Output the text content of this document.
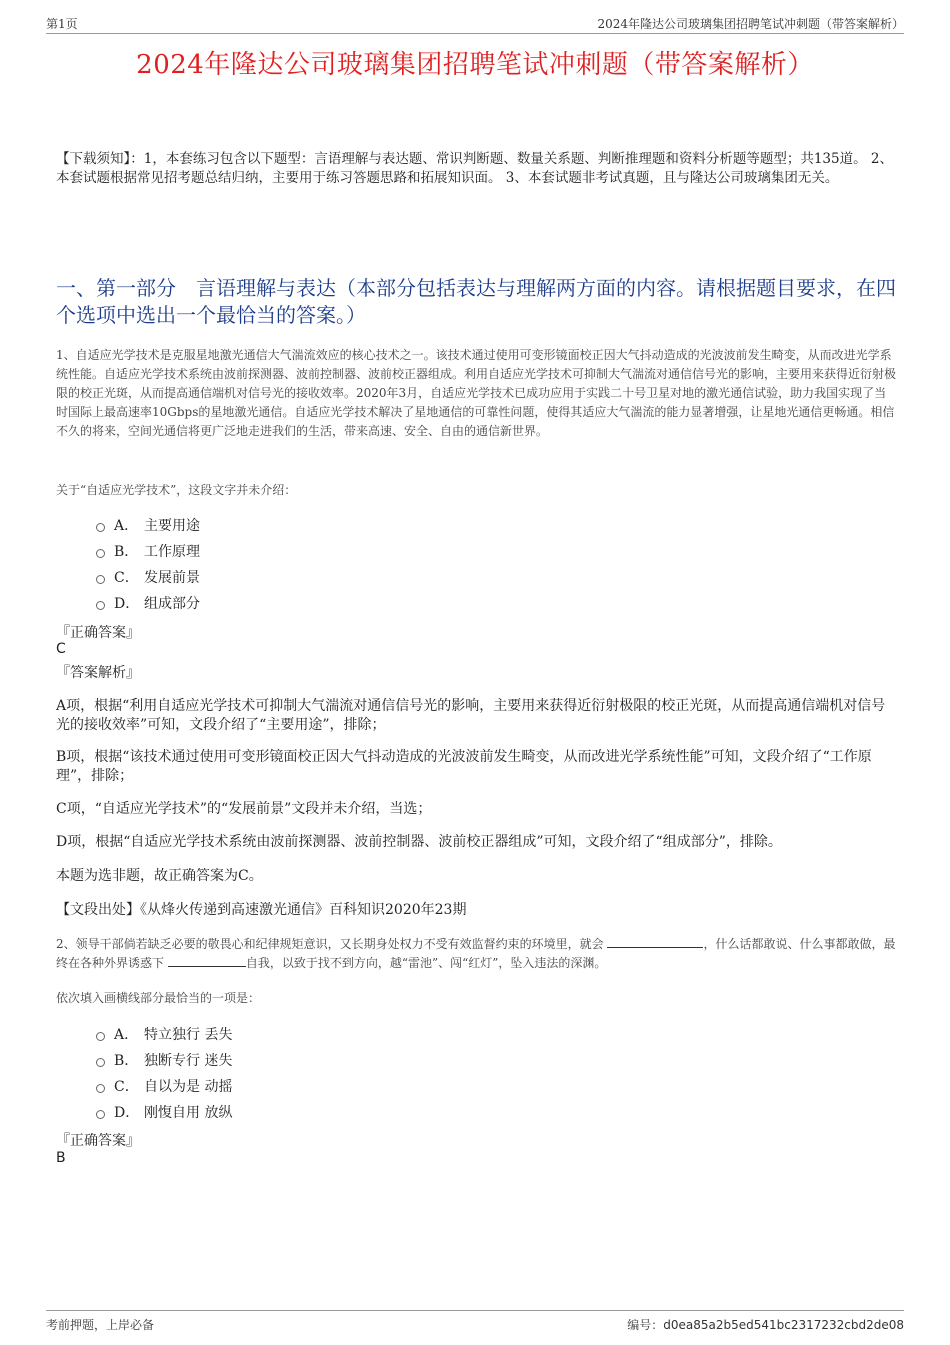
第1页	2024年隆达公司玻璃集团招聘笔试冲刺题（带答案解析）
2024年隆达公司玻璃集团招聘笔试冲刺题（带答案解析）
【下载须知】：1，本套练习包含以下题型：言语理解与表达题、常识判断题、数量关系题、判断推理题和资料分析题等题型；共135道。 2、本套试题根据常见招考题总结归纳，主要用于练习答题思路和拓展知识面。 3、本套试题非考试真题，且与隆达公司玻璃集团无关。
一、第一部分　言语理解与表达（本部分包括表达与理解两方面的内容。请根据题目要求，在四个选项中选出一个最恰当的答案。）
1、自适应光学技术是克服星地激光通信大气湍流效应的核心技术之一。该技术通过使用可变形镜面校正因大气抖动造成的光波波前发生畸变，从而改进光学系统性能。自适应光学技术系统由波前探测器、波前控制器、波前校正器组成。利用自适应光学技术可抑制大气湍流对通信信号光的影响，主要用来获得近衍射极限的校正光斑，从而提高通信端机对信号光的接收效率。2020年3月，自适应光学技术已成功应用于实践二十号卫星对地的激光通信试验，助力我国实现了当时国际上最高速率10Gbps的星地激光通信。自适应光学技术解决了星地通信的可靠性问题，使得其适应大气湍流的能力显著增强，让星地光通信更畅通。相信不久的将来，空间光通信将更广泛地走进我们的生活，带来高速、安全、自由的通信新世界。
关于“自适应光学技术”，这段文字并未介绍：
A． 主要用途
B． 工作原理
C． 发展前景
D． 组成部分
『正确答案』
C
『答案解析』
A项，根据“利用自适应光学技术可抑制大气湍流对通信信号光的影响，主要用来获得近衍射极限的校正光斑，从而提高通信端机对信号光的接收效率”可知，文段介绍了“主要用途”，排除；
B项，根据“该技术通过使用可变形镜面校正因大气抖动造成的光波波前发生畸变，从而改进光学系统性能”可知，文段介绍了“工作原理”，排除；
C项，“自适应光学技术”的“发展前景”文段并未介绍，当选；
D项，根据“自适应光学技术系统由波前探测器、波前控制器、波前校正器组成”可知，文段介绍了“组成部分”，排除。
本题为选非题，故正确答案为C。
【文段出处】《从烽火传递到高速激光通信》百科知识2020年23期
2、领导干部倘若缺乏必要的敬畏心和纪律规矩意识，又长期身处权力不受有效监督约束的环境里，就会	，什么话都敢说、什么事都敢做，最终在各种外界诱惑下	自我，以致于找不到方向，越“雷池”、闯“红灯”，坠入违法的深渊。
依次填入画横线部分最恰当的一项是：
A． 特立独行 丢失
B． 独断专行 迷失
C． 自以为是 动摇
D． 刚愎自用 放纵
『正确答案』
B
考前押题，上岸必备	编号：d0ea85a2b5ed541bc2317232cbd2de08
